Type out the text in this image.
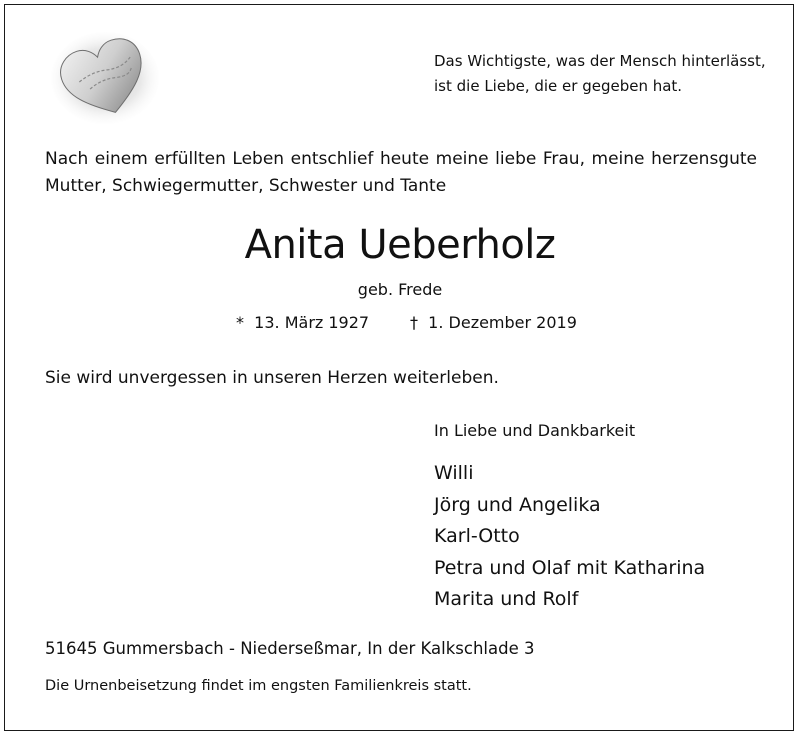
Das Wichtigste, was der Mensch hinterlässt,
ist die Liebe, die er gegeben hat.
Nach einem erfüllten Leben entschlief heute meine liebe Frau, meine herzensgute
Mutter, Schwiegermutter, Schwester und Tante
Anita Ueberholz
geb. Frede
* 13. März 1927	† 1. Dezember 2019
Sie wird unvergessen in unseren Herzen weiterleben.
In Liebe und Dankbarkeit
Willi
Jörg und Angelika
Karl-Otto
Petra und Olaf mit Katharina
Marita und Rolf
51645 Gummersbach - Niederseßmar, In der Kalkschlade 3
Die Urnenbeisetzung findet im engsten Familienkreis statt.
